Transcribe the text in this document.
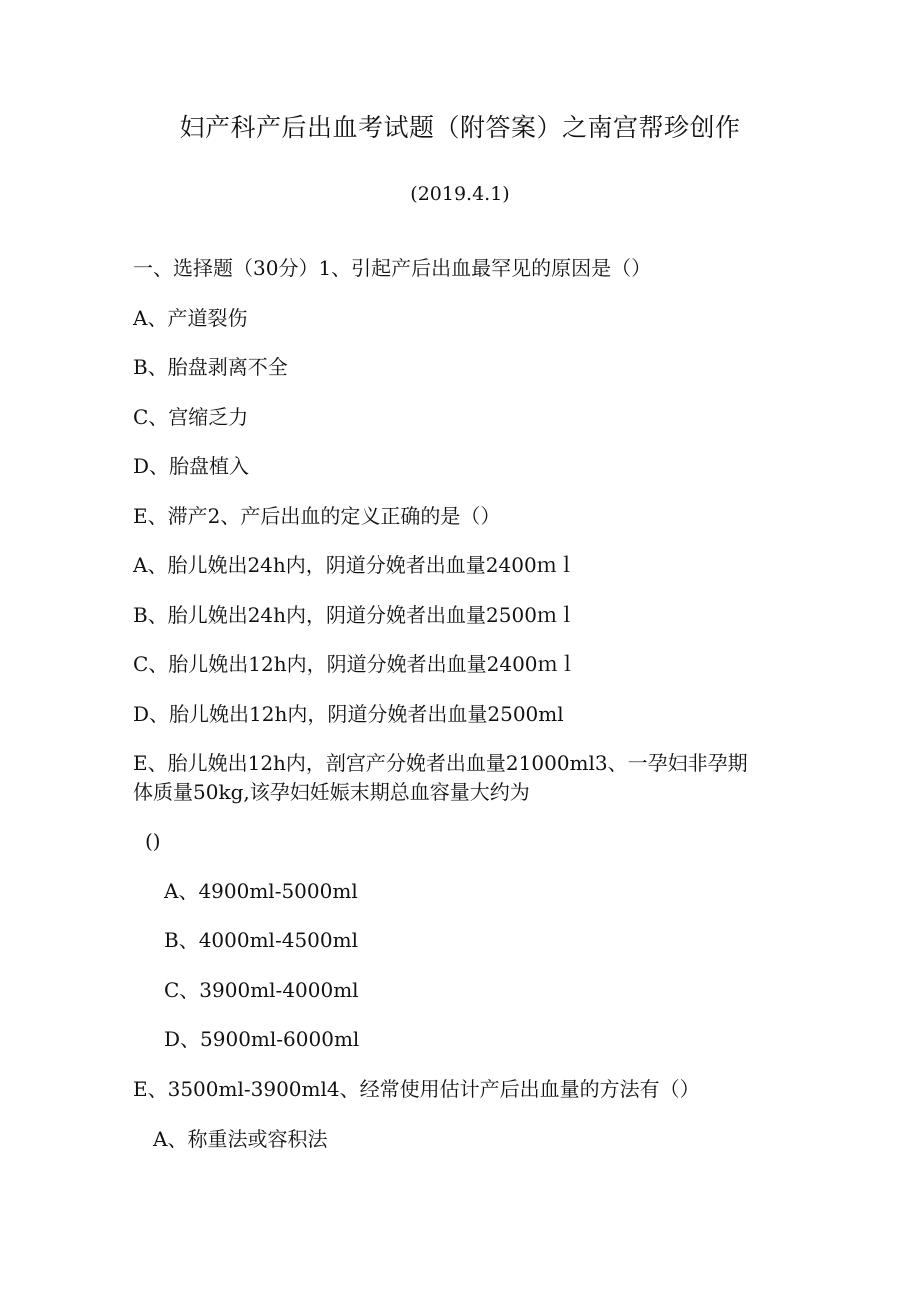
妇产科产后出血考试题（附答案）之南宫帮珍创作
(2019.4.1)
一、选择题（30分）1、引起产后出血最罕见的原因是（）
A、产道裂伤
B、胎盘剥离不全
C、宫缩乏力
D、胎盘植入
E、滞产2、产后出血的定义正确的是（）
A、胎儿娩出24h内，阴道分娩者出血量2400ｍｌ
B、胎儿娩出24h内，阴道分娩者出血量2500ｍｌ
C、胎儿娩出12h内，阴道分娩者出血量2400ｍｌ
D、胎儿娩出12h内，阴道分娩者出血量2500ml
E、胎儿娩出12h内，剖宫产分娩者出血量21000ml3、一孕妇非孕期
体质量50kg,该孕妇妊娠末期总血容量大约为
()
A、4900ml-5000ml
B、4000ml-4500ml
C、3900ml-4000ml
D、5900ml-6000ml
E、3500ml-3900ml4、经常使用估计产后出血量的方法有（）
A、称重法或容积法
